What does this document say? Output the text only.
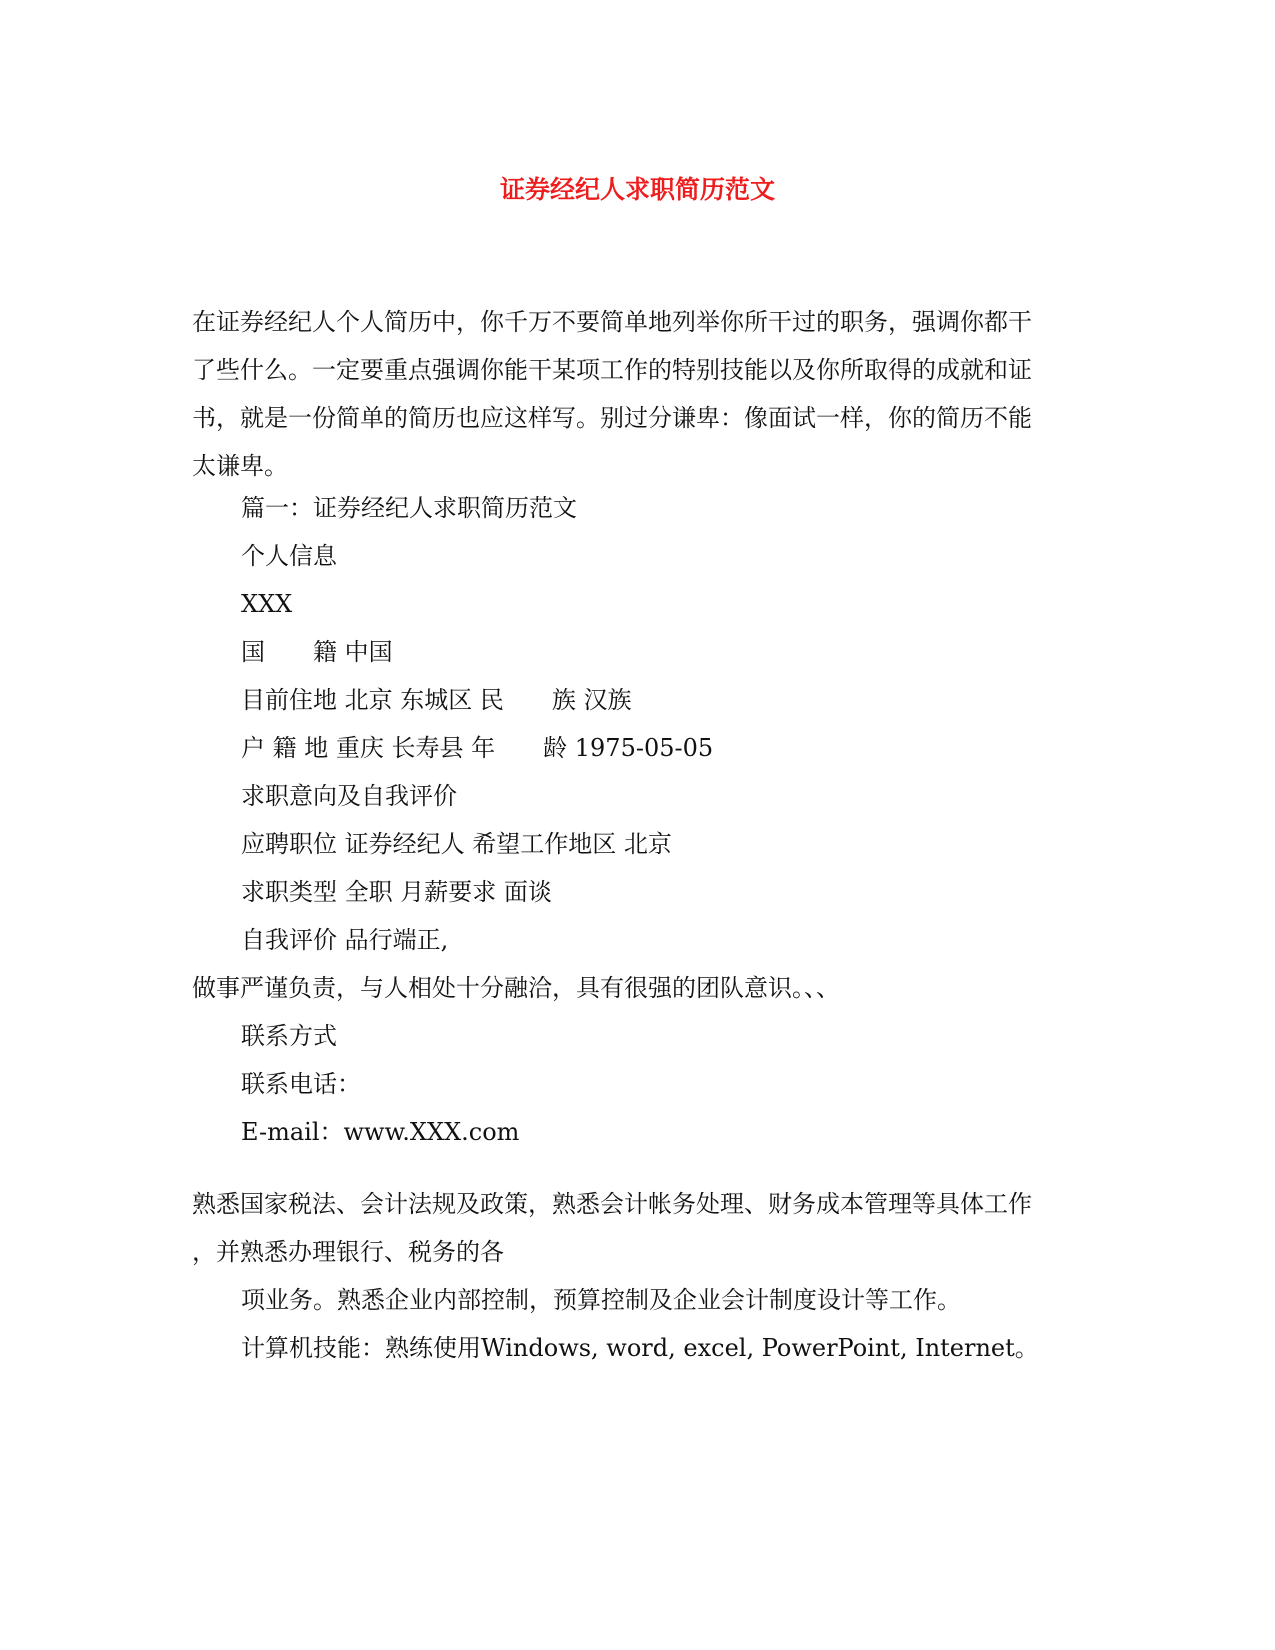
证券经纪人求职简历范文
在证券经纪人个人简历中，你千万不要简单地列举你所干过的职务，强调你都干
了些什么。一定要重点强调你能干某项工作的特别技能以及你所取得的成就和证
书，就是一份简单的简历也应这样写。别过分谦卑：像面试一样，你的简历不能
太谦卑。
篇一：证券经纪人求职简历范文
个人信息
XXX
国　　籍 中国
目前住地 北京 东城区 民　　族 汉族
户 籍 地 重庆 长寿县 年　　龄 1975-05-05
求职意向及自我评价
应聘职位 证券经纪人 希望工作地区 北京
求职类型 全职 月薪要求 面谈
自我评价 品行端正,
做事严谨负责，与人相处十分融洽，具有很强的团队意识。、、
联系方式
联系电话：
E-mail：www.XXX.com
熟悉国家税法、会计法规及政策，熟悉会计帐务处理、财务成本管理等具体工作
，并熟悉办理银行、税务的各
项业务。熟悉企业内部控制，预算控制及企业会计制度设计等工作。
计算机技能：熟练使用Windows, word, excel, PowerPoint, Internet。
